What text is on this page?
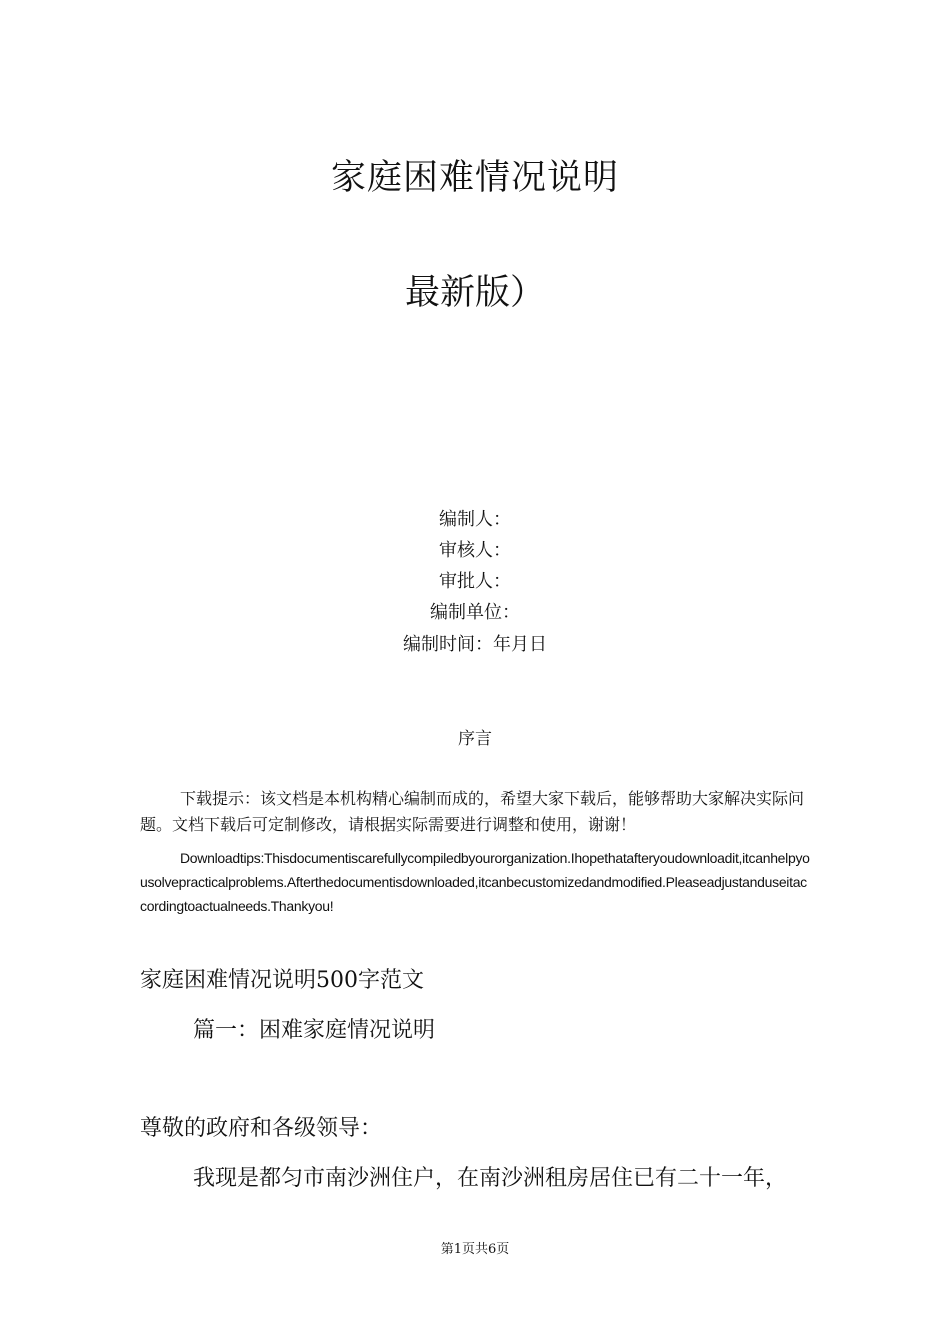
家庭困难情况说明
最新版）
编制人：
审核人：
审批人：
编制单位：
编制时间：年月日
序言
下载提示：该文档是本机构精心编制而成的，希望大家下载后，能够帮助大家解决实际问题。文档下载后可定制修改，请根据实际需要进行调整和使用，谢谢！
Downloadtips:Thisdocumentiscarefullycompiledbyourorganization.Ihopethatafteryoudownloadit,itcanhelpyousolvepracticalproblems.Afterthedocumentisdownloaded,itcanbecustomizedandmodified.Pleaseadjustanduseitaccordingtoactualneeds.Thankyou!
家庭困难情况说明500字范文
篇一：困难家庭情况说明
尊敬的政府和各级领导：
我现是都匀市南沙洲住户，在南沙洲租房居住已有二十一年，
第1页共6页
